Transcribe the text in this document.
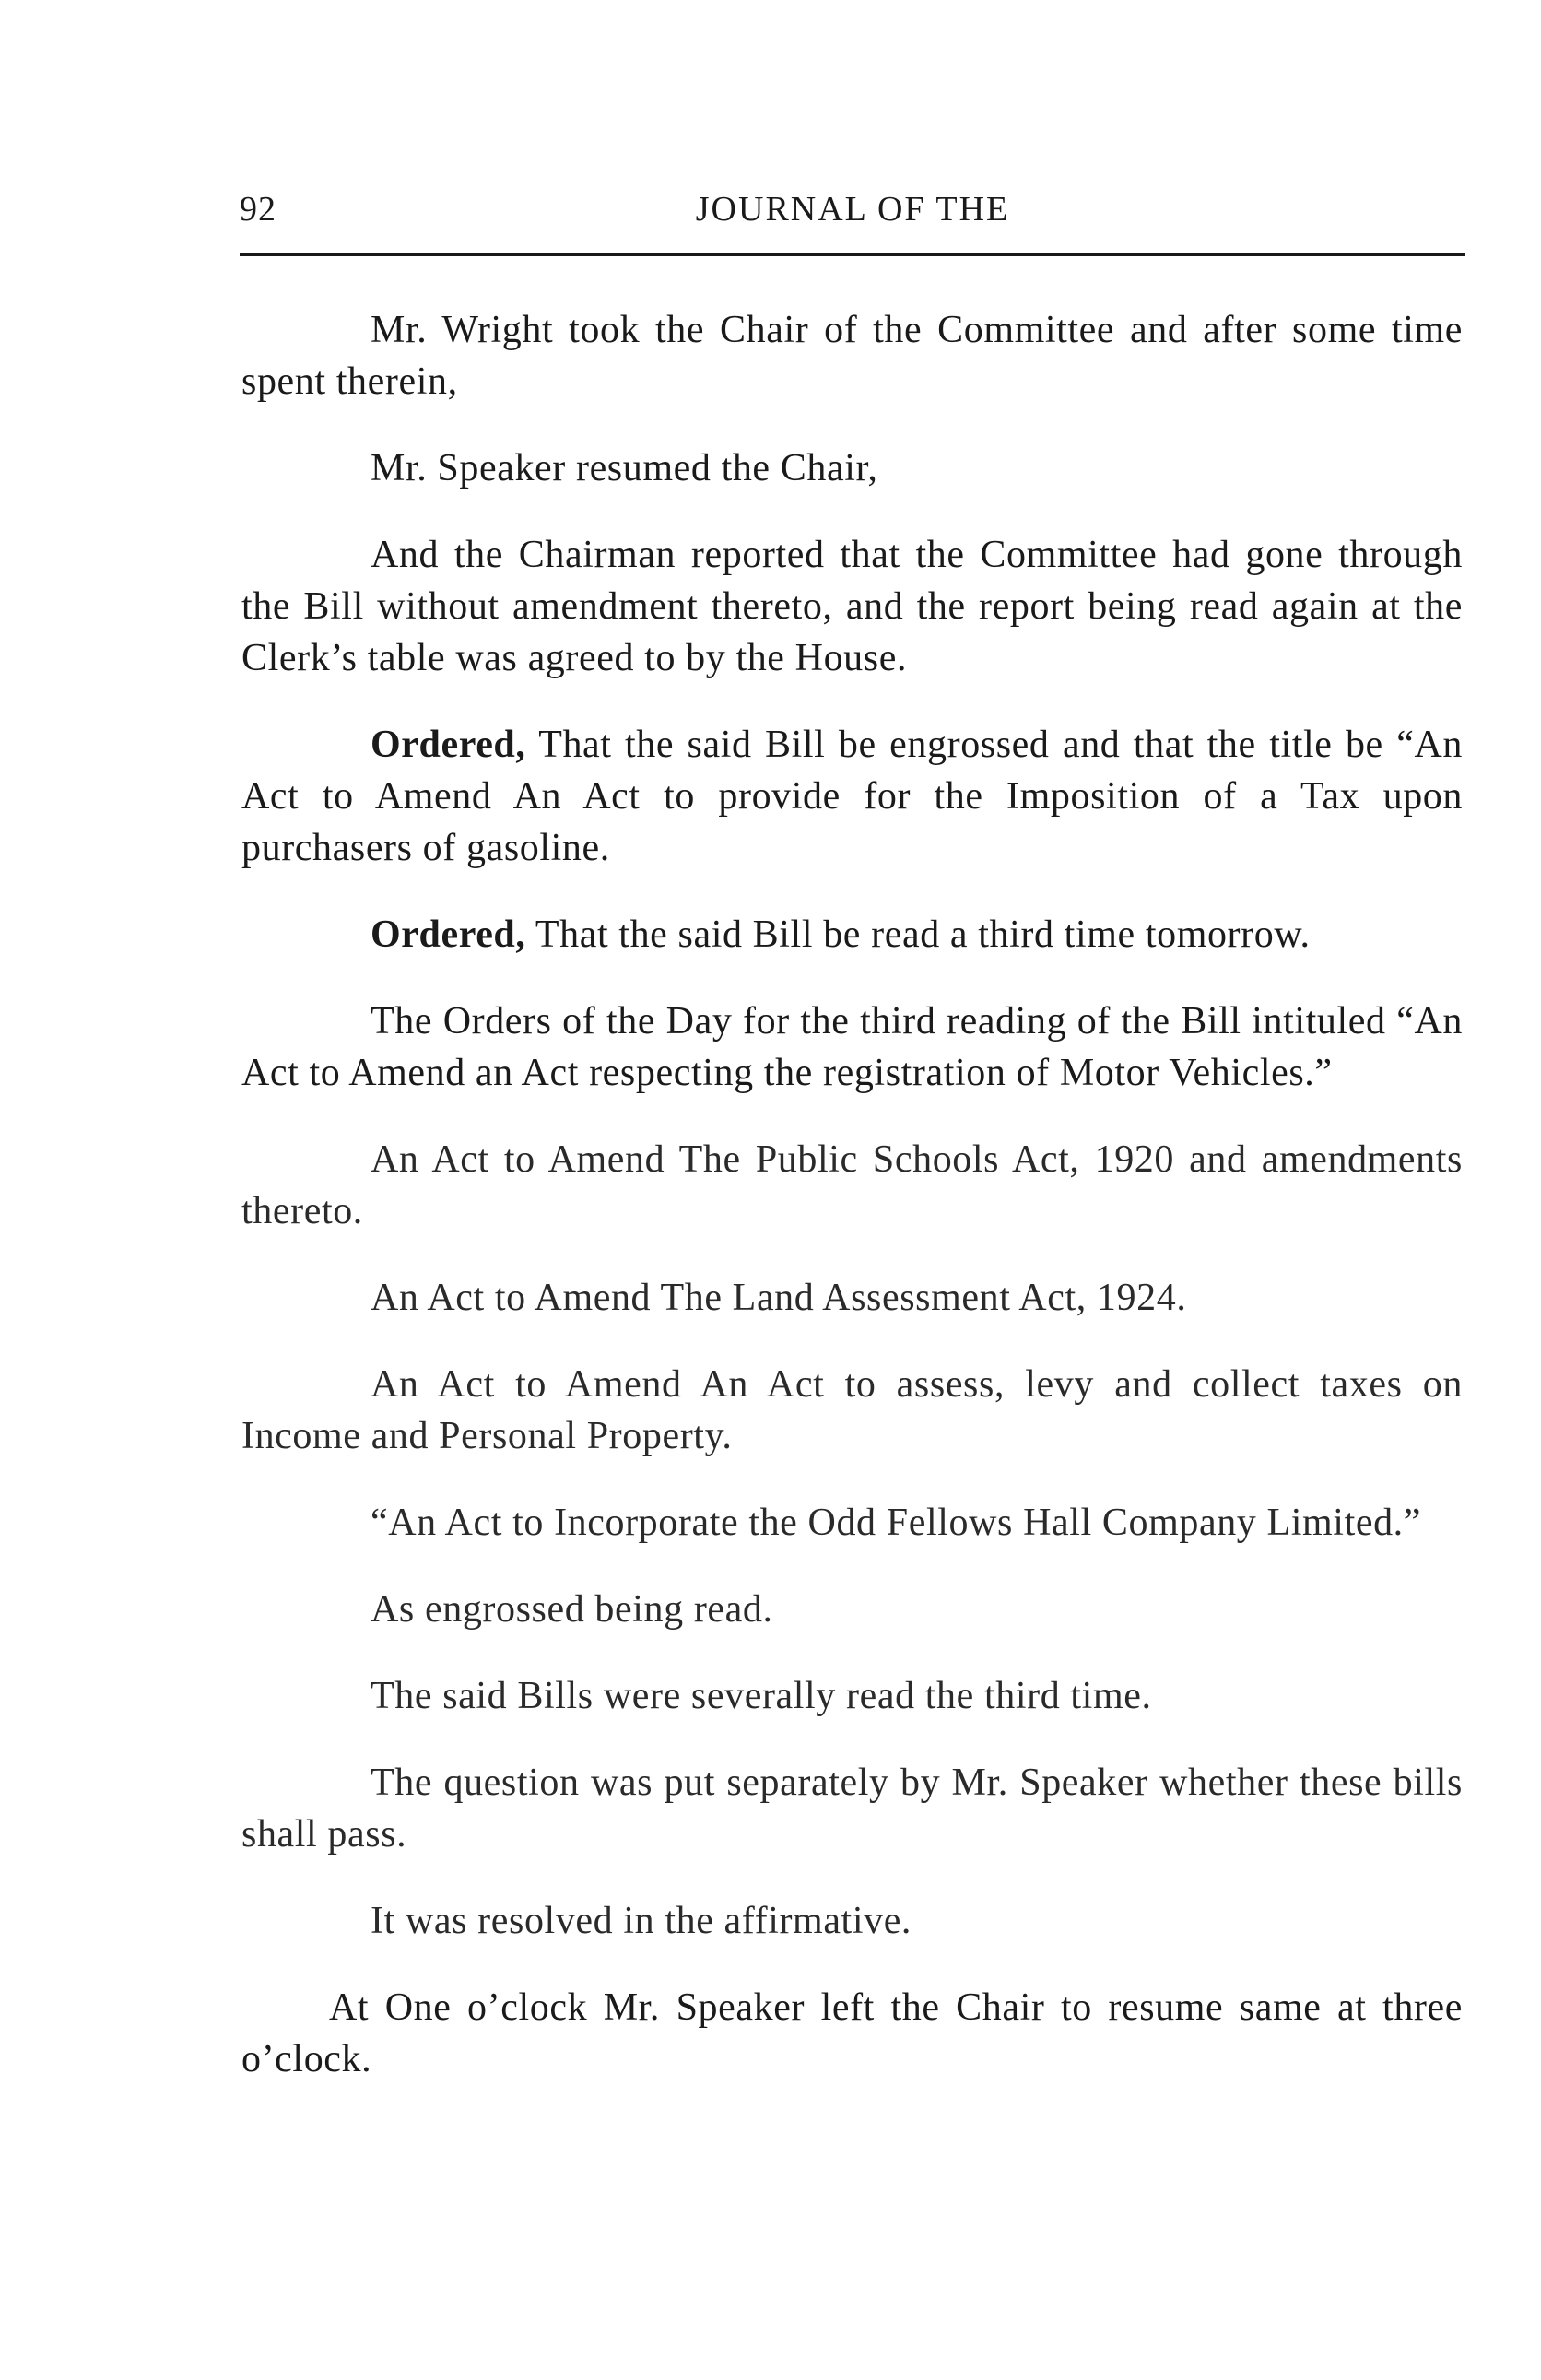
92	JOURNAL OF THE

Mr. Wright took the Chair of the Committee and after some time spent therein,

Mr. Speaker resumed the Chair,

And the Chairman reported that the Committee had gone through the Bill without amendment thereto, and the report being read again at the Clerk’s table was agreed to by the House.

Ordered, That the said Bill be engrossed and that the title be “An Act to Amend An Act to provide for the Imposition of a Tax upon purchasers of gasoline.

Ordered, That the said Bill be read a third time tomorrow.

The Orders of the Day for the third reading of the Bill intituled “An Act to Amend an Act respecting the registration of Motor Vehicles.”

An Act to Amend The Public Schools Act, 1920 and amendments thereto.

An Act to Amend The Land Assessment Act, 1924.

An Act to Amend An Act to assess, levy and collect taxes on Income and Personal Property.

“An Act to Incorporate the Odd Fellows Hall Company Limited.”

As engrossed being read.

The said Bills were severally read the third time.

The question was put separately by Mr. Speaker whether these bills shall pass.

It was resolved in the affirmative.

At One o’clock Mr. Speaker left the Chair to resume same at three o’clock.
